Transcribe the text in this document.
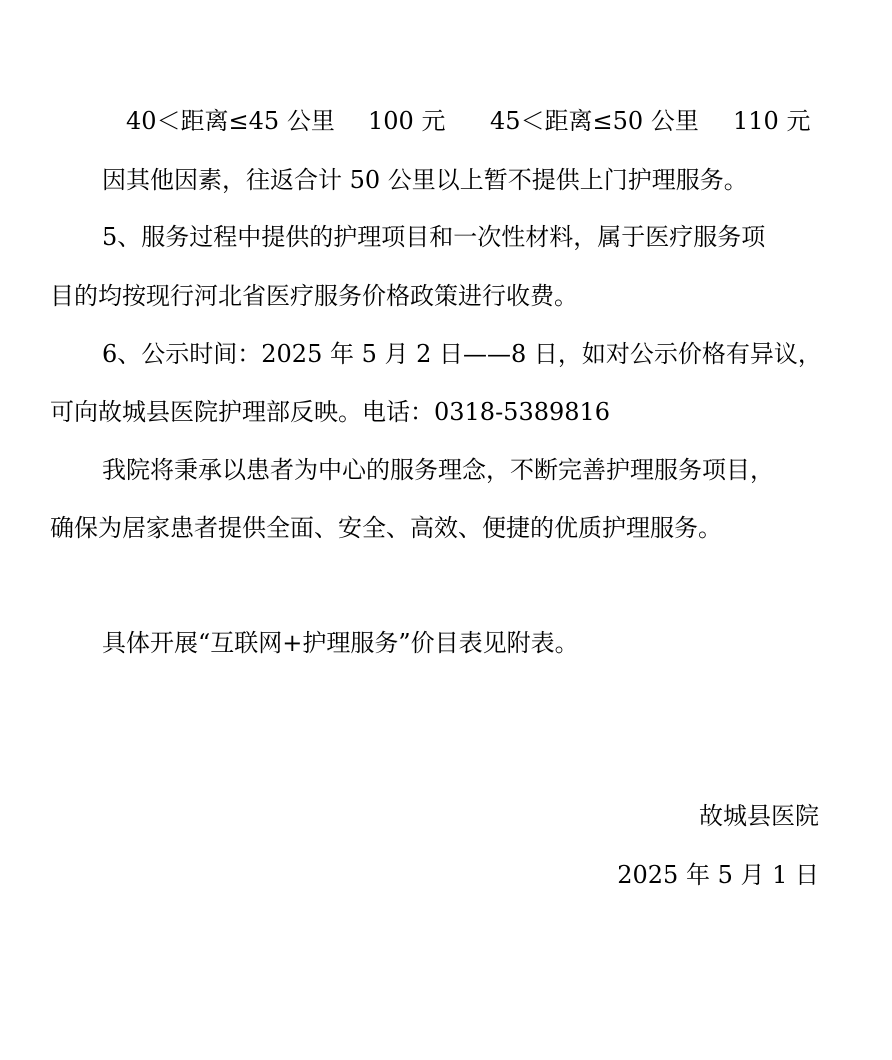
40＜距离≤45 公里 100 元 45＜距离≤50 公里 110 元
因其他因素，往返合计 50 公里以上暂不提供上门护理服务。
5、服务过程中提供的护理项目和一次性材料，属于医疗服务项
目的均按现行河北省医疗服务价格政策进行收费。
6、公示时间：2025 年 5 月 2 日——8 日，如对公示价格有异议，
可向故城县医院护理部反映。电话：0318-5389816
我院将秉承以患者为中心的服务理念，不断完善护理服务项目，
确保为居家患者提供全面、安全、高效、便捷的优质护理服务。
具体开展“互联网+护理服务”价目表见附表。
故城县医院
2025 年 5 月 1 日
